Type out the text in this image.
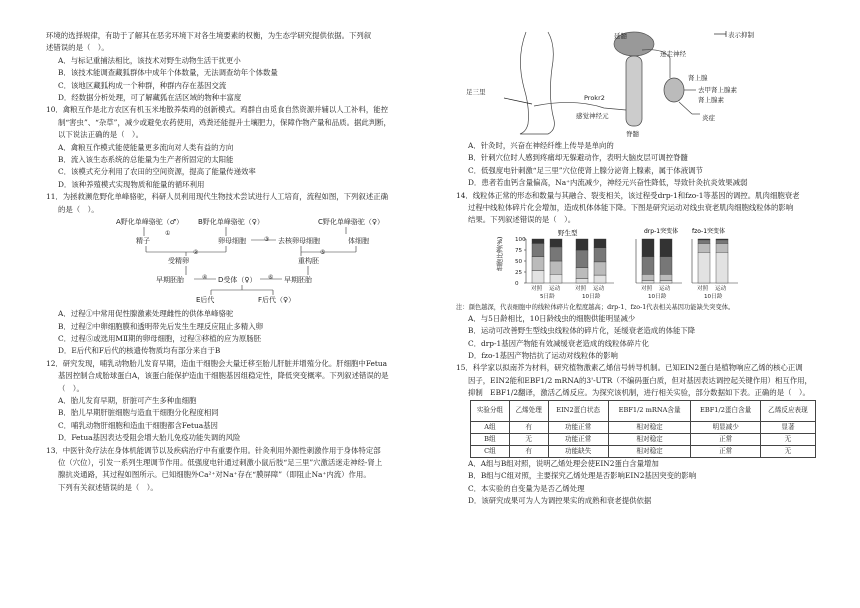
环境的选择规律，有助于了解其在恶劣环境下对各生境要素的权衡，为生态学研究提供依据。下列叙

述错误的是（　）。

A．与标记重捕法相比，该技术对野生动物生活干扰更小

B．该技术能调查藏狐群体中成年个体数量，无法调查幼年个体数量

C．该地区藏狐构成一个种群，种群内存在基因交流

D．经数据分析处理，可了解藏狐在活区域的物种丰富度

10．禽粮互作是北方农区有机玉米地散养柴鸡的创新模式。鸡群自由觅食自然资源并辅以人工补料，能控

制“害虫”、“杂草”，减少或避免农药使用，鸡粪还能提升土壤肥力，保障作物产量和品质。据此判断，

以下说法正确的是（　）。

A．禽粮互作模式能使能量更多流向对人类有益的方向

B．流入该生态系统的总能量为生产者所固定的太阳能

C．该模式充分利用了农田的空间资源，提高了能量传递效率

D．该种养殖模式实现物质和能量的循环利用

11．为拯救濒危野化单峰骆驼，科研人员利用现代生物技术尝试进行人工培育，流程如图，下列叙述正确

的是（　）。

A野化单峰骆驼（♂） B野化单峰骆驼（♀）	C野化单峰骆驼（♀）
精子	卵母细胞	去核卵母细胞	体细胞
受精卵	重构胚
早期胚胎	D受体（♀）	早期胚胎
E后代	F后代（♀）
①
②
③
④
⑤
⑥

A．过程①中常用促性腺激素处理雌性的供体单峰骆驼

B．过程②中卵细胞膜和透明带先后发生生理反应阻止多精入卵

C．过程⑤或选用MⅡ期的卵母细胞，过程③移植的应为原肠胚

D．E后代和F后代的核遗传物质均有部分来自于B

12．研究发现，哺乳动物胎儿发育早期，造血干细胞会大量迁移至胎儿肝脏并增殖分化。肝细胞中Fetua

基因控制合成胎球蛋白A，该蛋白能保护造血干细胞基因组稳定性，降低突变概率。下列叙述错误的是

（　）。

A．胎儿发育早期，肝脏可产生多种血细胞

B．胎儿早期肝脏细胞与造血干细胞分化程度相同

C．哺乳动物肝细胞和造血干细胞都含Fetua基因

D．Fetua基因表达受阻会增大胎儿免疫功能失调的风险

13．中医针灸疗法在身体机能调节以及疾病治疗中有重要作用。针灸利用外源性刺激作用于身体特定部

位（穴位），引发一系列生理调节作用。低强度电针通过刺激小鼠后肢“足三里”穴激活迷走神经-肾上

腺抗炎通路，其过程如图所示。已知细胞外Ca²⁺对Na⁺存在“膜屏障”（即阻止Na⁺内流）作用。

下列有关叙述错误的是（　）。

延髓
迷走神经
表示抑制
足三里
Prokr2
感觉神经元
脊髓
肾上腺
去甲肾上腺素
肾上腺素
炎症

A．针灸时，兴奋在神经纤维上传导是单向的

B．针刺穴位时人感到疼痛却无躲避动作，表明大脑皮层可调控脊髓

C．低强度电针刺激“足三里”穴位使肾上腺分泌肾上腺素，属于体液调节

D．患者若血钙含量偏高，Na⁺内流减少，神经元兴奋性降低，导致针灸抗炎效果减弱

14．线粒体正常的形态和数量与其融合、裂变相关，该过程受drp-1和fzo-1等基因的调控。肌肉细胞衰老

过程中线粒体碎片化会增加，造成机体体能下降。下图是研究运动对线虫衰老肌肉细胞线粒体的影响

结果。下列叙述错误的是（　）。

细胞比例(%)
野生型	drp-1突变体 fzo-1突变体
0
25
50
75
100
对照 运动	对照 运动	对照 运动	对照 运动
5日龄	10日龄	10日龄	10日龄

注：颜色越深，代表细胞中的线粒体碎片化程度越高；drp-1、fzo-1代表相关基因功能缺失突变体。

A．与5日龄相比，10日龄线虫的细胞供能明显减少

B．运动可改善野生型线虫线粒体的碎片化，延缓衰老造成的体能下降

C．drp-1基因产物能有效减缓衰老造成的线粒体碎片化

D．fzo-1基因产物拮抗了运动对线粒体的影响

15．科学家以拟南芥为材料，研究植物激素乙烯信号转导机制。已知EIN2蛋白是植物响应乙烯的核心正调

因子，EIN2能和EBF1/2 mRNA的3'-UTR（不编码蛋白质，但对基因表达调控起关键作用）相互作用，

抑制　EBF1/2翻译，激活乙烯反应。为探究该机制，进行相关实验，部分数据如下表。正确的是（　）。

实验分组	乙烯处理	EIN2蛋白状态	EBF1/2 mRNA含量	EBF1/2蛋白含量	乙烯反应表现
A组	有	功能正常	相对稳定	明显减少	显著
B组	无	功能正常	相对稳定	正常	无
C组	有	功能缺失	相对稳定	正常	无

A．A组与B组对照，说明乙烯处理会使EIN2蛋白含量增加

B．B组与C组对照，主要探究乙烯处理是否影响EIN2基因突变的影响

C．本实验的自变量为是否乙烯处理

D．该研究成果可为人为调控果实的成熟和衰老提供依据
